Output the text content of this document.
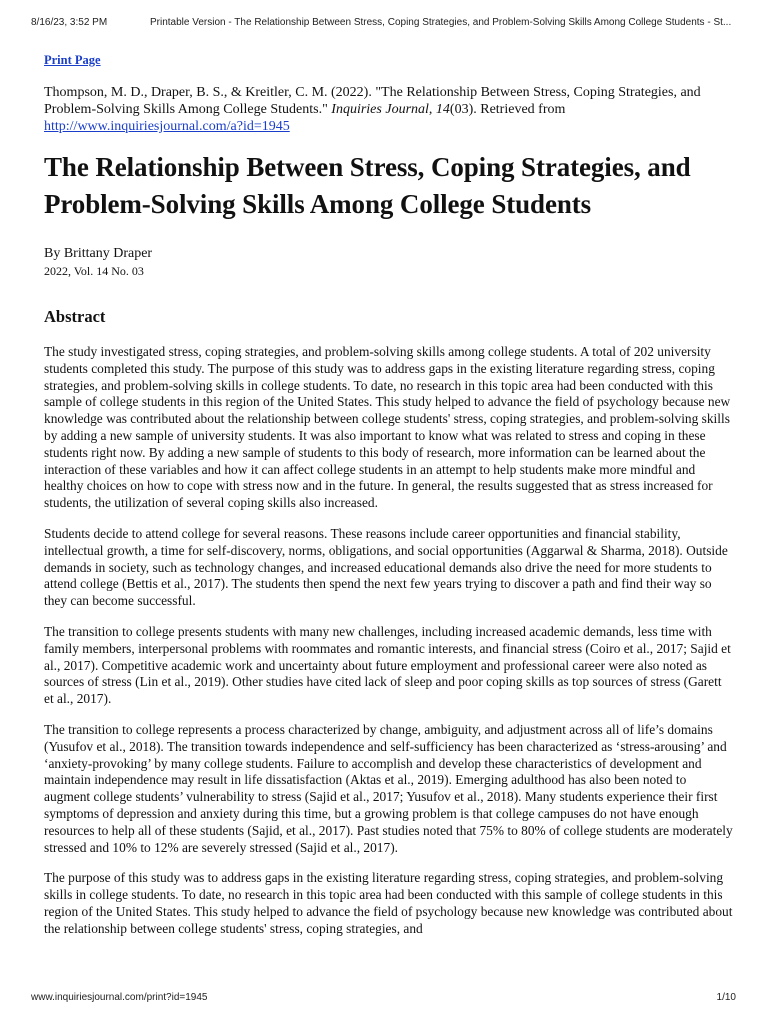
8/16/23, 3:52 PM	Printable Version - The Relationship Between Stress, Coping Strategies, and Problem-Solving Skills Among College Students - St...
Print Page

Thompson, M. D., Draper, B. S., & Kreitler, C. M. (2022). "The Relationship Between Stress, Coping Strategies, and Problem-Solving Skills Among College Students." Inquiries Journal, 14(03). Retrieved from
http://www.inquiriesjournal.com/a?id=1945

The Relationship Between Stress, Coping Strategies, and Problem-Solving Skills Among College Students

By Brittany Draper

2022, Vol. 14 No. 03

Abstract

The study investigated stress, coping strategies, and problem-solving skills among college students. A total of 202 university students completed this study. The purpose of this study was to address gaps in the existing literature regarding stress, coping strategies, and problem-solving skills in college students. To date, no research in this topic area had been conducted with this sample of college students in this region of the United States. This study helped to advance the field of psychology because new knowledge was contributed about the relationship between college students' stress, coping strategies, and problem-solving skills by adding a new sample of university students. It was also important to know what was related to stress and coping in these students right now. By adding a new sample of students to this body of research, more information can be learned about the interaction of these variables and how it can affect college students in an attempt to help students make more mindful and healthy choices on how to cope with stress now and in the future. In general, the results suggested that as stress increased for students, the utilization of several coping skills also increased.

Students decide to attend college for several reasons. These reasons include career opportunities and financial stability, intellectual growth, a time for self-discovery, norms, obligations, and social opportunities (Aggarwal & Sharma, 2018). Outside demands in society, such as technology changes, and increased educational demands also drive the need for more students to attend college (Bettis et al., 2017). The students then spend the next few years trying to discover a path and find their way so they can become successful.

The transition to college presents students with many new challenges, including increased academic demands, less time with family members, interpersonal problems with roommates and romantic interests, and financial stress (Coiro et al., 2017; Sajid et al., 2017). Competitive academic work and uncertainty about future employment and professional career were also noted as sources of stress (Lin et al., 2019). Other studies have cited lack of sleep and poor coping skills as top sources of stress (Garett et al., 2017).

The transition to college represents a process characterized by change, ambiguity, and adjustment across all of life’s domains (Yusufov et al., 2018). The transition towards independence and self-sufficiency has been characterized as ‘stress-arousing’ and ‘anxiety-provoking’ by many college students. Failure to accomplish and develop these characteristics of development and maintain independence may result in life dissatisfaction (Aktas et al., 2019). Emerging adulthood has also been noted to augment college students’ vulnerability to stress (Sajid et al., 2017; Yusufov et al., 2018). Many students experience their first symptoms of depression and anxiety during this time, but a growing problem is that college campuses do not have enough resources to help all of these students (Sajid, et al., 2017). Past studies noted that 75% to 80% of college students are moderately stressed and 10% to 12% are severely stressed (Sajid et al., 2017).

The purpose of this study was to address gaps in the existing literature regarding stress, coping strategies, and problem-solving skills in college students. To date, no research in this topic area had been conducted with this sample of college students in this region of the United States. This study helped to advance the field of psychology because new knowledge was contributed about the relationship between college students' stress, coping strategies, and

www.inquiriesjournal.com/print?id=1945	1/10
